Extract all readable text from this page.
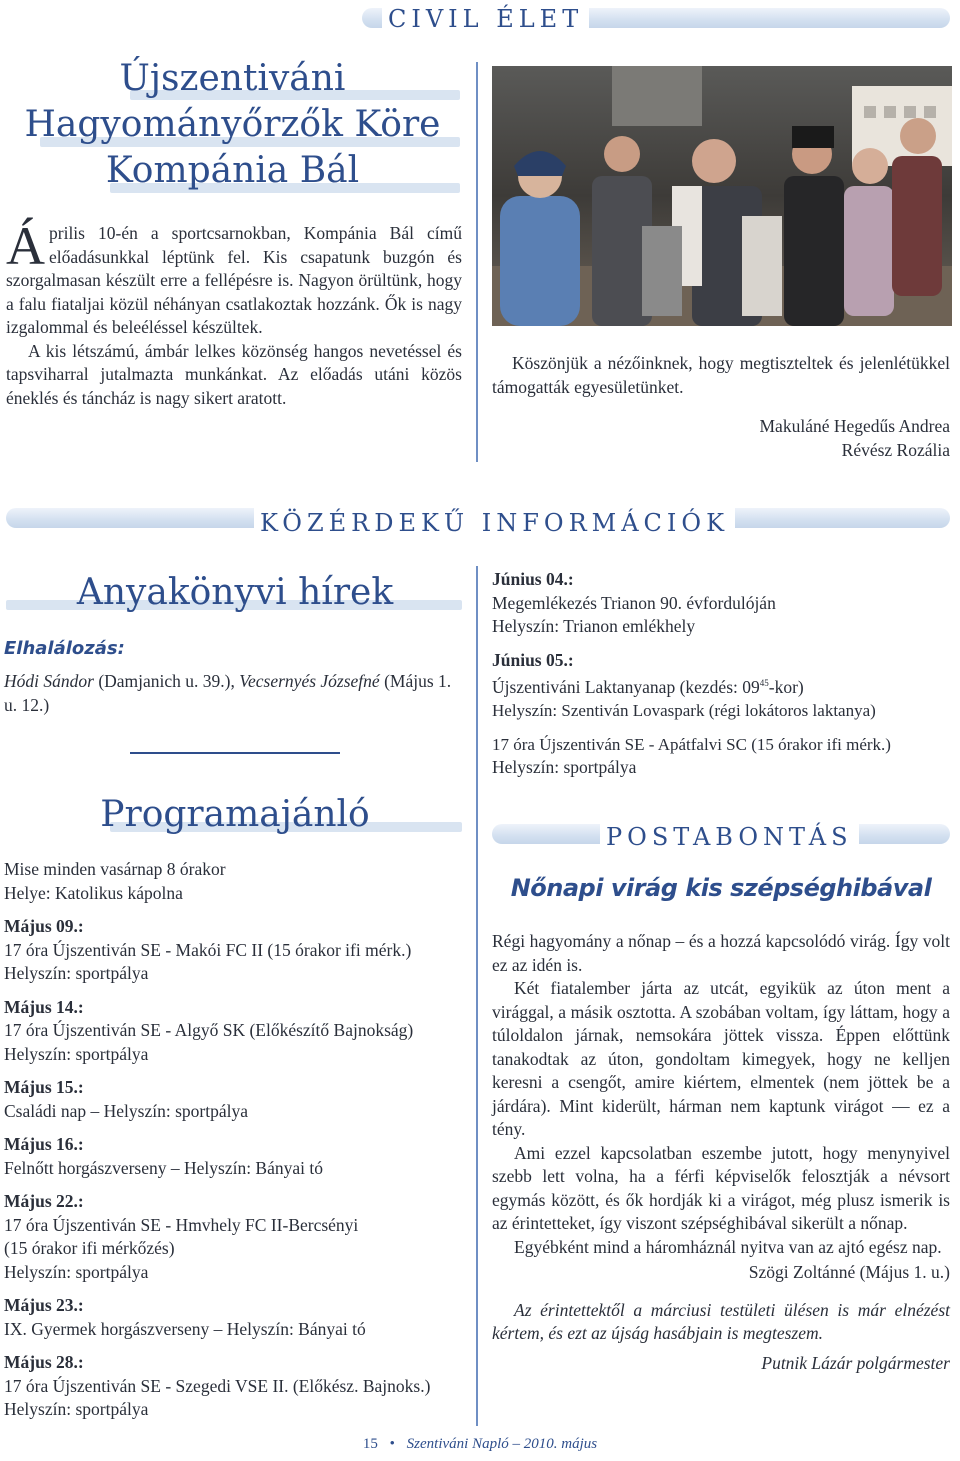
CIVIL ÉLET
Újszentiváni
Hagyományőrzők Köre
Kompánia Bál

Április 10-én a sportcsarnokban, Kompánia Bál című előadásunkkal léptünk fel. Kis csapatunk buzgón és szorgalmasan készült erre a fellépésre is. Nagyon örültünk, hogy a falu fiataljai közül néhányan csatlakoztak hozzánk. Ők is nagy izgalommal és beleéléssel készültek.

A kis létszámú, ámbár lelkes közönség hangos nevetéssel és tapsviharral jutalmazta munkánkat. Az előadás utáni közös éneklés és táncház is nagy sikert aratott.

Köszönjük a nézőinknek, hogy megtiszteltek és jelenlétükkel támogatták egyesületünket.

Makuláné Hegedűs Andrea
Révész Rozália
KÖZÉRDEKŰ INFORMÁCIÓK
Anyakönyvi hírek
Elhalálozás:

Hódi Sándor (Damjanich u. 39.), Vecsernyés Józsefné (Május 1. u. 12.)

Programajánló
Mise minden vasárnap 8 órakor
Helye: Katolikus kápolna
Május 09.:
17 óra Újszentiván SE - Makói FC II (15 órakor ifi mérk.)
Helyszín: sportpálya
Május 14.:
17 óra Újszentiván SE - Algyő SK (Előkészítő Bajnokság)
Helyszín: sportpálya
Május 15.:
Családi nap – Helyszín: sportpálya
Május 16.:
Felnőtt horgászverseny – Helyszín: Bányai tó
Május 22.:
17 óra Újszentiván SE - Hmvhely FC II-Bercsényi
(15 órakor ifi mérkőzés)
Helyszín: sportpálya
Május 23.:
IX. Gyermek horgászverseny – Helyszín: Bányai tó
Május 28.:
17 óra Újszentiván SE - Szegedi VSE II. (Előkész. Bajnoks.)
Helyszín: sportpálya
Június 04.:
Megemlékezés Trianon 90. évfordulóján
Helyszín: Trianon emlékhely
Június 05.:
Újszentiváni Laktanyanap (kezdés: $09^{45}-kor$)
Helyszín: Szentiván Lovaspark (régi lokátoros laktanya)
17 óra Újszentiván SE - Apátfalvi SC (15 órakor ifi mérk.)
Helyszín: sportpálya
POSTABONTÁS
Nőnapi virág kis szépséghibával

Régi hagyomány a nőnap – és a hozzá kapcsolódó virág. Így volt ez az idén is.

Két fiatalember járta az utcát, egyikük az úton ment a virággal, a másik osztotta. A szobában voltam, így láttam, hogy a túloldalon járnak, nemsokára jöttek vissza. Éppen előttünk tanakodtak az úton, gondoltam kimegyek, hogy ne kelljen keresni a csengőt, amire kiértem, elmentek (nem jöttek be a járdára). Mint kiderült, hárman nem kaptunk virágot — ez a tény.

Ami ezzel kapcsolatban eszembe jutott, hogy menynyivel szebb lett volna, ha a férfi képviselők felosztják a névsort egymás között, és ők hordják ki a virágot, még plusz ismerik is az érintetteket, így viszont szépséghibával sikerült a nőnap.

Egyébként mind a háromháznál nyitva van az ajtó egész nap.

Szögi Zoltánné (Május 1. u.)

Az érintettektől a márciusi testületi ülésen is már elnézést kértem, és ezt az újság hasábjain is megteszem.

Putnik Lázár polgármester
15 • Szentiváni Napló – 2010. május
